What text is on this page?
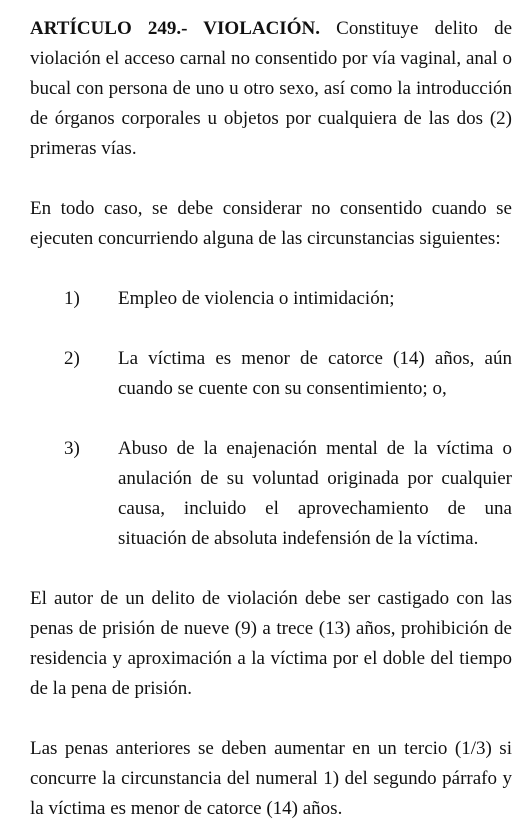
ARTÍCULO 249.- VIOLACIÓN. Constituye delito de violación el acceso carnal no consentido por vía vaginal, anal o bucal con persona de uno u otro sexo, así como la introducción de órganos corporales u objetos por cualquiera de las dos (2) primeras vías.

En todo caso, se debe considerar no consentido cuando se ejecuten concurriendo alguna de las circunstancias siguientes:

1)	Empleo de violencia o intimidación;
2)	La víctima es menor de catorce (14) años, aún cuando se cuente con su consentimiento; o,
3)	Abuso de la enajenación mental de la víctima o anulación de su voluntad originada por cualquier causa, incluido el aprovechamiento de una situación de absoluta indefensión de la víctima.

El autor de un delito de violación debe ser castigado con las penas de prisión de nueve (9) a trece (13) años, prohibición de residencia y aproximación a la víctima por el doble del tiempo de la pena de prisión.

Las penas anteriores se deben aumentar en un tercio (1/3) si concurre la circunstancia del numeral 1) del segundo párrafo y la víctima es menor de catorce (14) años.
